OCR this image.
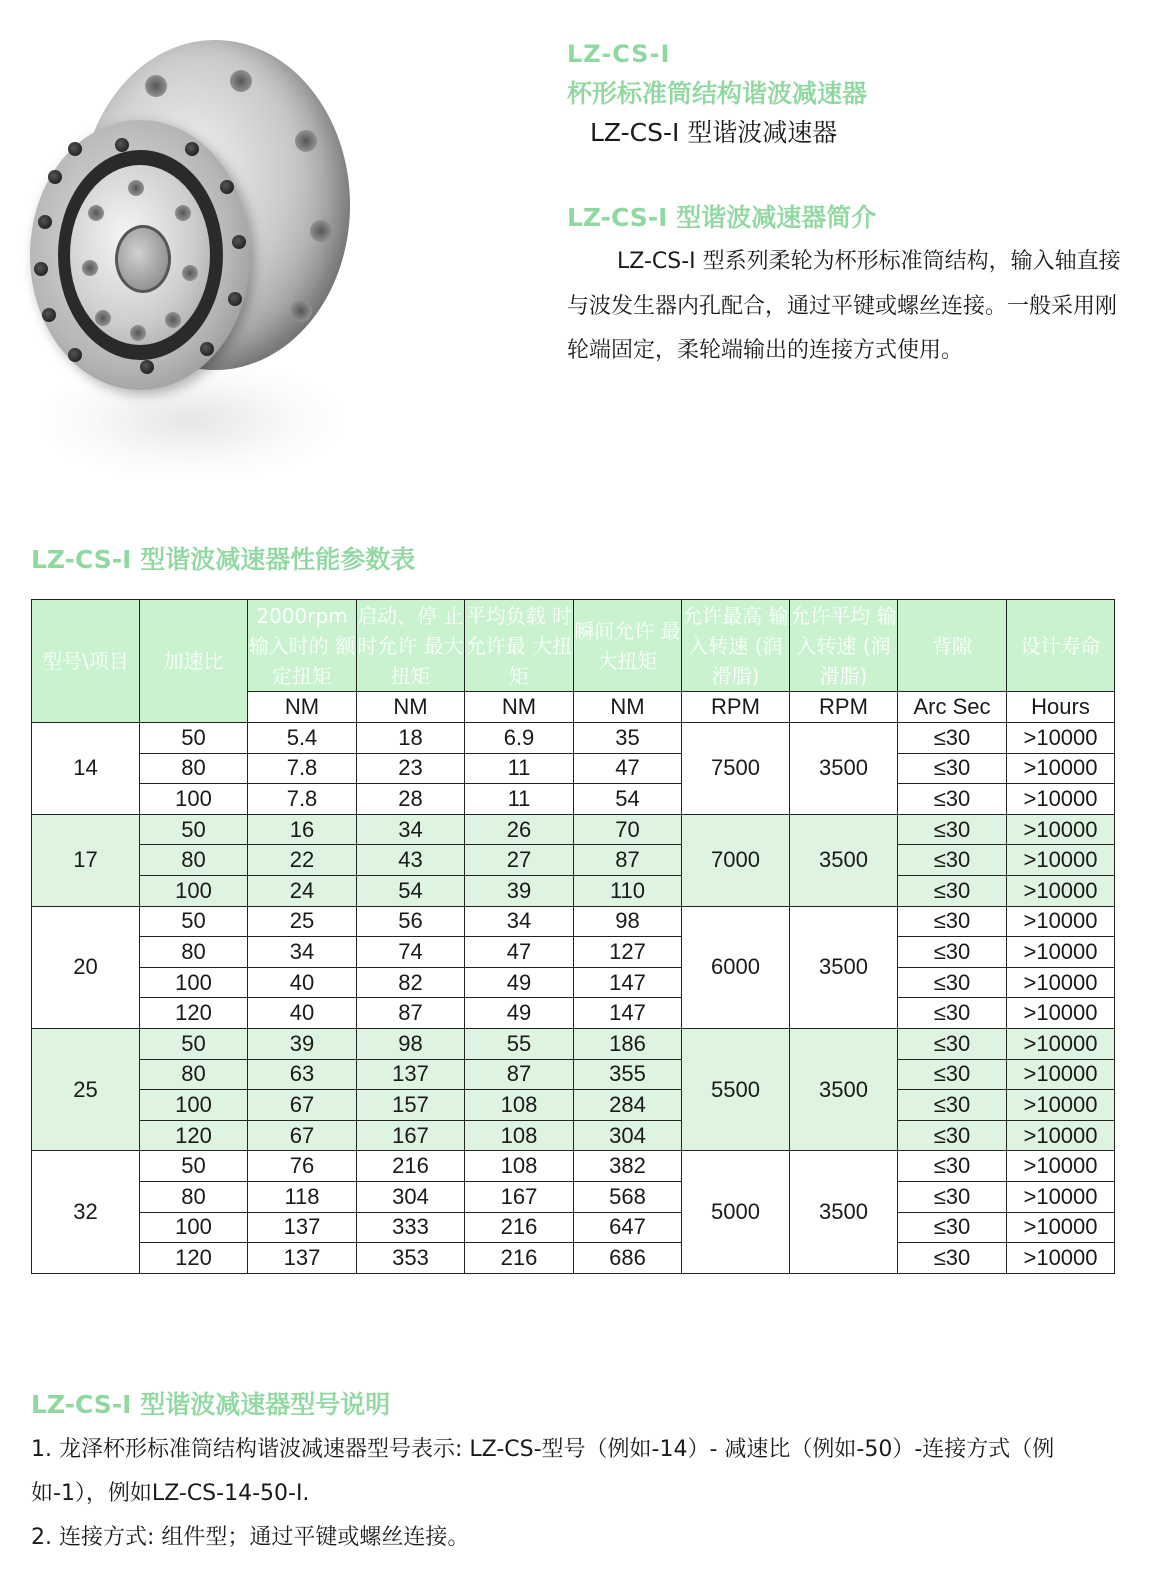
LZ-CS-I
杯形标准筒结构谐波减速器
LZ-CS-I 型谐波减速器
LZ-CS-I 型谐波减速器简介
LZ-CS-I 型系列柔轮为杯形标准筒结构，输入轴直接与波发生器内孔配合，通过平键或螺丝连接。一般采用刚轮端固定，柔轮端输出的连接方式使用。
LZ-CS-I 型谐波减速器性能参数表
型号\项目	加速比	2000rpm 输入时的 额定扭矩	启动、停 止时允许 最大扭矩	平均负载 时允许最 大扭矩	瞬间允许 最大扭矩	允许最高 输入转速 (润滑脂)	允许平均 输入转速 (润滑脂)	背隙	设计寿命
		NM	NM	NM	NM	RPM	RPM	Arc Sec	Hours
14	50	5.4	18	6.9	35	7500	3500	≤30	>10000
	80	7.8	23	11	47			≤30	>10000
	100	7.8	28	11	54			≤30	>10000
17	50	16	34	26	70	7000	3500	≤30	>10000
	80	22	43	27	87			≤30	>10000
	100	24	54	39	110			≤30	>10000
20	50	25	56	34	98	6000	3500	≤30	>10000
	80	34	74	47	127			≤30	>10000
	100	40	82	49	147			≤30	>10000
	120	40	87	49	147			≤30	>10000
25	50	39	98	55	186	5500	3500	≤30	>10000
	80	63	137	87	355			≤30	>10000
	100	67	157	108	284			≤30	>10000
	120	67	167	108	304			≤30	>10000
32	50	76	216	108	382	5000	3500	≤30	>10000
	80	118	304	167	568			≤30	>10000
	100	137	333	216	647			≤30	>10000
	120	137	353	216	686			≤30	>10000
LZ-CS-I 型谐波减速器型号说明

1. 龙泽杯形标准筒结构谐波减速器型号表示: LZ-CS-型号（例如-14）- 减速比（例如-50）-连接方式（例如-1），例如LZ-CS-14-50-I.

2. 连接方式: 组件型；通过平键或螺丝连接。
